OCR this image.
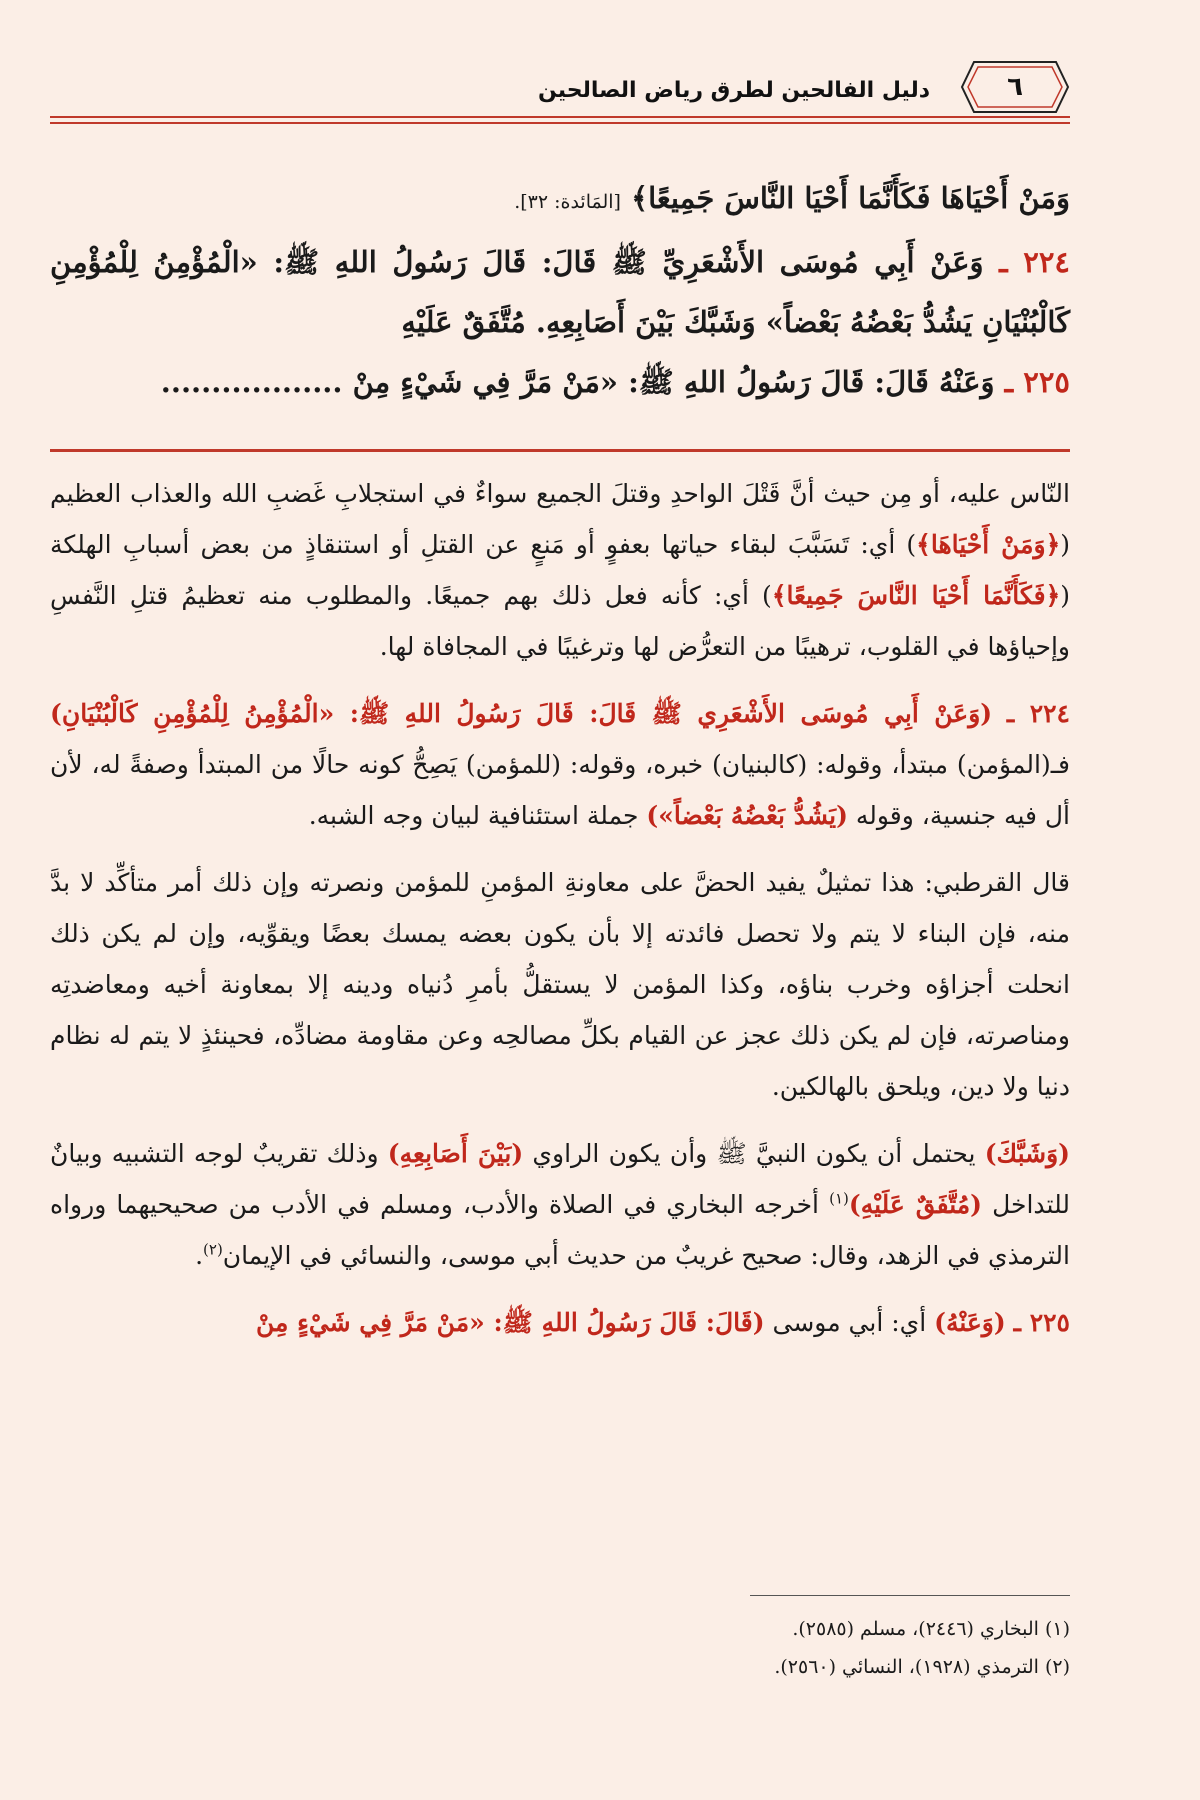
٦
دليل الفالحين لطرق رياض الصالحين

وَمَنْ أَحْيَاهَا فَكَأَنَّمَا أَحْيَا النَّاسَ جَمِيعًا﴾ [المَائدة: ٣٢].

٢٢٤ ـ وَعَنْ أَبِي مُوسَى الأَشْعَرِيِّ ﷺ قَالَ: قَالَ رَسُولُ اللهِ ﷺ: «الْمُؤْمِنُ لِلْمُؤْمِنِ كَالْبُنْيَانِ يَشُدُّ بَعْضُهُ بَعْضاً» وَشَبَّكَ بَيْنَ أَصَابِعِهِ. مُتَّفَقٌ عَلَيْهِ

٢٢٥ ـ وَعَنْهُ قَالَ: قَالَ رَسُولُ اللهِ ﷺ: «مَنْ مَرَّ فِي شَيْءٍ مِنْ ..................

النّاس عليه، أو مِن حيث أنَّ قَتْلَ الواحدِ وقتلَ الجميع سواءٌ في استجلابِ غَضبِ الله والعذاب العظيم (﴿وَمَنْ أَحْيَاهَا﴾) أي: تَسَبَّبَ لبقاء حياتها بعفوٍ أو مَنعٍ عن القتلِ أو استنقاذٍ من بعض أسبابِ الهلكة (﴿فَكَأَنَّمَا أَحْيَا النَّاسَ جَمِيعًا﴾) أي: كأنه فعل ذلك بهم جميعًا. والمطلوب منه تعظيمُ قتلِ النَّفسِ وإحياؤها في القلوب، ترهيبًا من التعرُّض لها وترغيبًا في المجافاة لها.

٢٢٤ ـ (وَعَنْ أَبِي مُوسَى الأَشْعَرِي ﷺ قَالَ: قَالَ رَسُولُ اللهِ ﷺ: «الْمُؤْمِنُ لِلْمُؤْمِنِ كَالْبُنْيَانِ) فـ(المؤمن) مبتدأ، وقوله: (كالبنيان) خبره، وقوله: (للمؤمن) يَصِحُّ كونه حالًا من المبتدأ وصفةً له، لأن أل فيه جنسية، وقوله (يَشُدُّ بَعْضُهُ بَعْضاً») جملة استئنافية لبيان وجه الشبه.

قال القرطبي: هذا تمثيلٌ يفيد الحضَّ على معاونةِ المؤمنِ للمؤمن ونصرته وإن ذلك أمر متأكِّد لا بدَّ منه، فإن البناء لا يتم ولا تحصل فائدته إلا بأن يكون بعضه يمسك بعضًا ويقوِّيه، وإن لم يكن ذلك انحلت أجزاؤه وخرب بناؤه، وكذا المؤمن لا يستقلُّ بأمرِ دُنياه ودينه إلا بمعاونة أخيه ومعاضدتِه ومناصرته، فإن لم يكن ذلك عجز عن القيام بكلِّ مصالحِه وعن مقاومة مضادِّه، فحينئذٍ لا يتم له نظام دنيا ولا دين، ويلحق بالهالكين.

(وَشَبَّكَ) يحتمل أن يكون النبيَّ ﷺ وأن يكون الراوي (بَيْنَ أَصَابِعِهِ) وذلك تقريبٌ لوجه التشبيه وبيانٌ للتداخل (مُتَّفَقٌ عَلَيْهِ)$^{(١)}$ أخرجه البخاري في الصلاة والأدب، ومسلم في الأدب من صحيحيهما ورواه الترمذي في الزهد، وقال: صحيح غريبٌ من حديث أبي موسى، والنسائي في الإيمان$^{(٢)}$.

٢٢٥ ـ (وَعَنْهُ) أي: أبي موسى (قَالَ: قَالَ رَسُولُ اللهِ ﷺ: «مَنْ مَرَّ فِي شَيْءٍ مِنْ

(١) البخاري (٢٤٤٦)، مسلم (٢٥٨٥).

(٢) الترمذي (١٩٢٨)، النسائي (٢٥٦٠).
